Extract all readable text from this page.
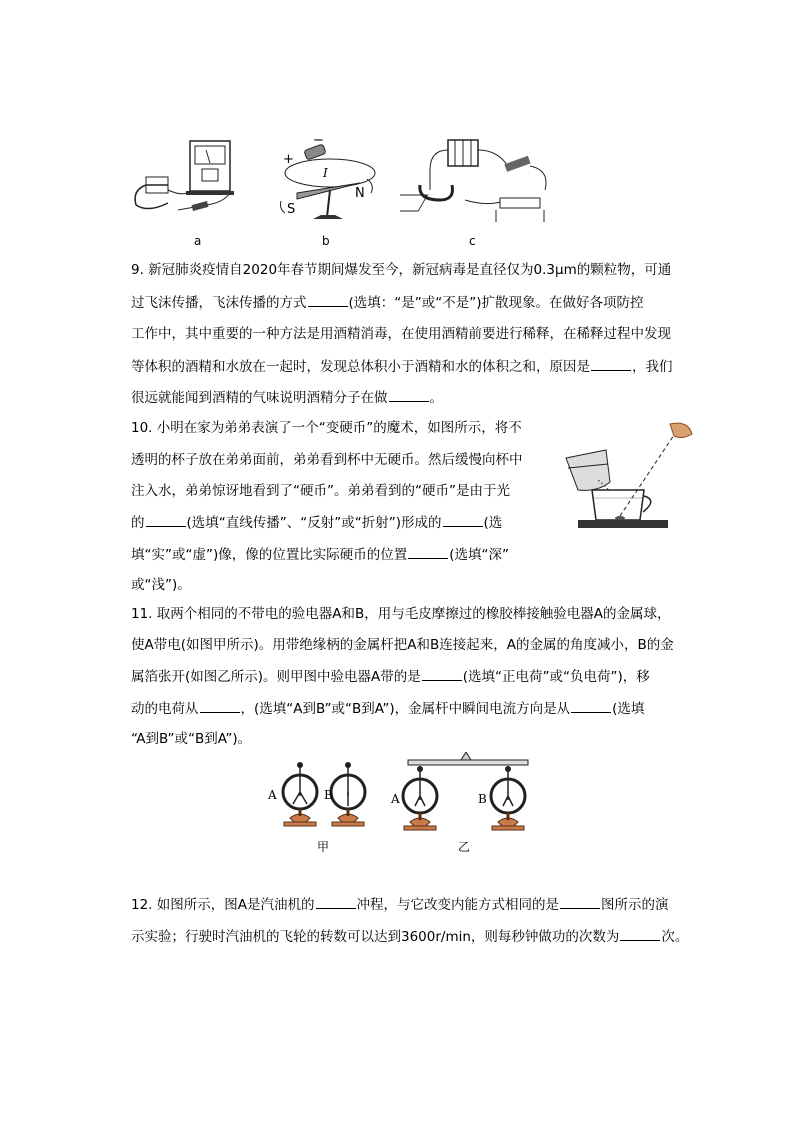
a
+
−
I
S
N
b	c
9. 新冠肺炎疫情自2020年春节期间爆发至今，新冠病毒是直径仅为0.3μm的颗粒物，可通
过飞沫传播，飞沫传播的方式	(选填：“是”或“不是”)扩散现象。在做好各项防控
工作中，其中重要的一种方法是用酒精消毒，在使用酒精前要进行稀释，在稀释过程中发现
等体积的酒精和水放在一起时，发现总体积小于酒精和水的体积之和，原因是	，我们
很远就能闻到酒精的气味说明酒精分子在做	。
10. 小明在家为弟弟表演了一个“变硬币”的魔术，如图所示，将不
透明的杯子放在弟弟面前，弟弟看到杯中无硬币。然后缓慢向杯中
注入水，弟弟惊讶地看到了“硬币”。弟弟看到的“硬币”是由于光
的	(选填“直线传播”、“反射”或“折射”)形成的	(选
填“实”或“虚”)像，像的位置比实际硬币的位置	(选填“深”
或“浅”)。
11. 取两个相同的不带电的验电器A和B，用与毛皮摩擦过的橡胶棒接触验电器A的金属球，
使A带电(如图甲所示)。用带绝缘柄的金属杆把A和B连接起来，A的金属的角度减小，B的金
属箔张开(如图乙所示)。则甲图中验电器A带的是	(选填“正电荷”或“负电荷”)，移
动的电荷从	，(选填“A到B”或“B到A”)，金属杆中瞬间电流方向是从	(选填
“A到B”或“B到A”)。
A	B	A	B
甲	乙
12. 如图所示，图A是汽油机的	冲程，与它改变内能方式相同的是	图所示的演
示实验；行驶时汽油机的飞轮的转数可以达到3600r/min，则每秒钟做功的次数为	次。
